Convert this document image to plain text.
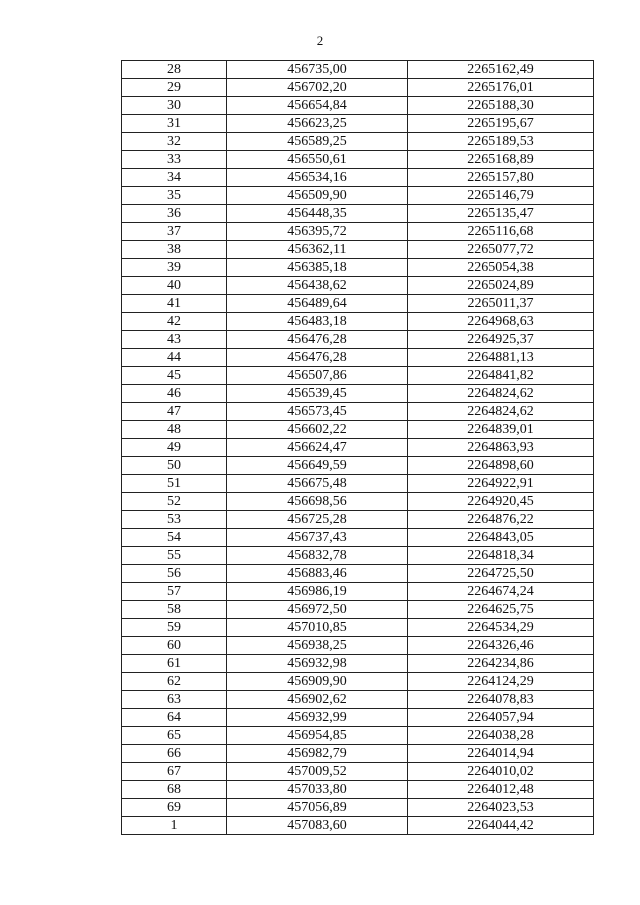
2
28	456735,00	2265162,49
29	456702,20	2265176,01
30	456654,84	2265188,30
31	456623,25	2265195,67
32	456589,25	2265189,53
33	456550,61	2265168,89
34	456534,16	2265157,80
35	456509,90	2265146,79
36	456448,35	2265135,47
37	456395,72	2265116,68
38	456362,11	2265077,72
39	456385,18	2265054,38
40	456438,62	2265024,89
41	456489,64	2265011,37
42	456483,18	2264968,63
43	456476,28	2264925,37
44	456476,28	2264881,13
45	456507,86	2264841,82
46	456539,45	2264824,62
47	456573,45	2264824,62
48	456602,22	2264839,01
49	456624,47	2264863,93
50	456649,59	2264898,60
51	456675,48	2264922,91
52	456698,56	2264920,45
53	456725,28	2264876,22
54	456737,43	2264843,05
55	456832,78	2264818,34
56	456883,46	2264725,50
57	456986,19	2264674,24
58	456972,50	2264625,75
59	457010,85	2264534,29
60	456938,25	2264326,46
61	456932,98	2264234,86
62	456909,90	2264124,29
63	456902,62	2264078,83
64	456932,99	2264057,94
65	456954,85	2264038,28
66	456982,79	2264014,94
67	457009,52	2264010,02
68	457033,80	2264012,48
69	457056,89	2264023,53
1	457083,60	2264044,42
